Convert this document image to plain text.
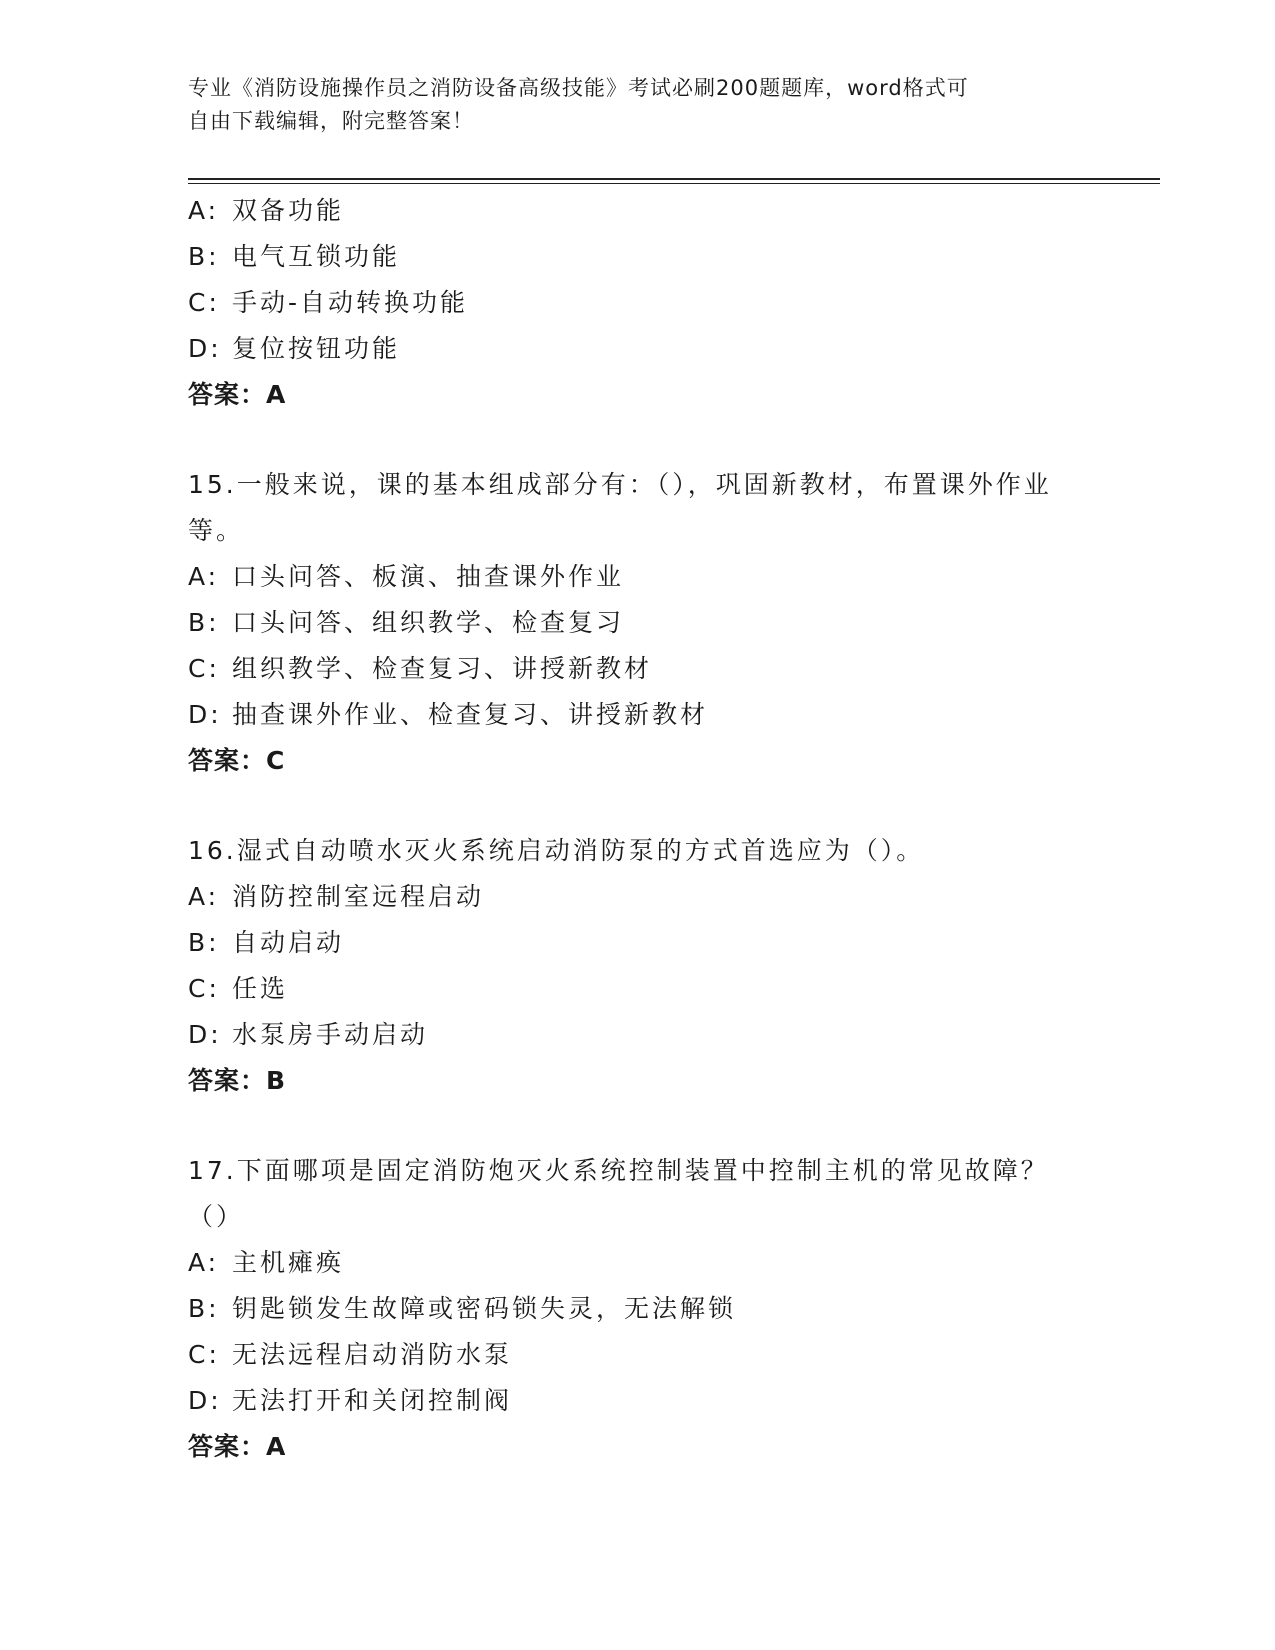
专业《消防设施操作员之消防设备高级技能》考试必刷200题题库，word格式可
自由下载编辑，附完整答案！
A: 双备功能
B: 电气互锁功能
C: 手动-自动转换功能
D: 复位按钮功能
答案：A
15.一般来说，课的基本组成部分有：（），巩固新教材，布置课外作业等。
A: 口头问答、板演、抽查课外作业
B: 口头问答、组织教学、检查复习
C: 组织教学、检查复习、讲授新教材
D: 抽查课外作业、检查复习、讲授新教材
答案：C
16.湿式自动喷水灭火系统启动消防泵的方式首选应为（）。
A: 消防控制室远程启动
B: 自动启动
C: 任选
D: 水泵房手动启动
答案：B
17.下面哪项是固定消防炮灭火系统控制装置中控制主机的常见故障？（）
A: 主机瘫痪
B: 钥匙锁发生故障或密码锁失灵，无法解锁
C: 无法远程启动消防水泵
D: 无法打开和关闭控制阀
答案：A
